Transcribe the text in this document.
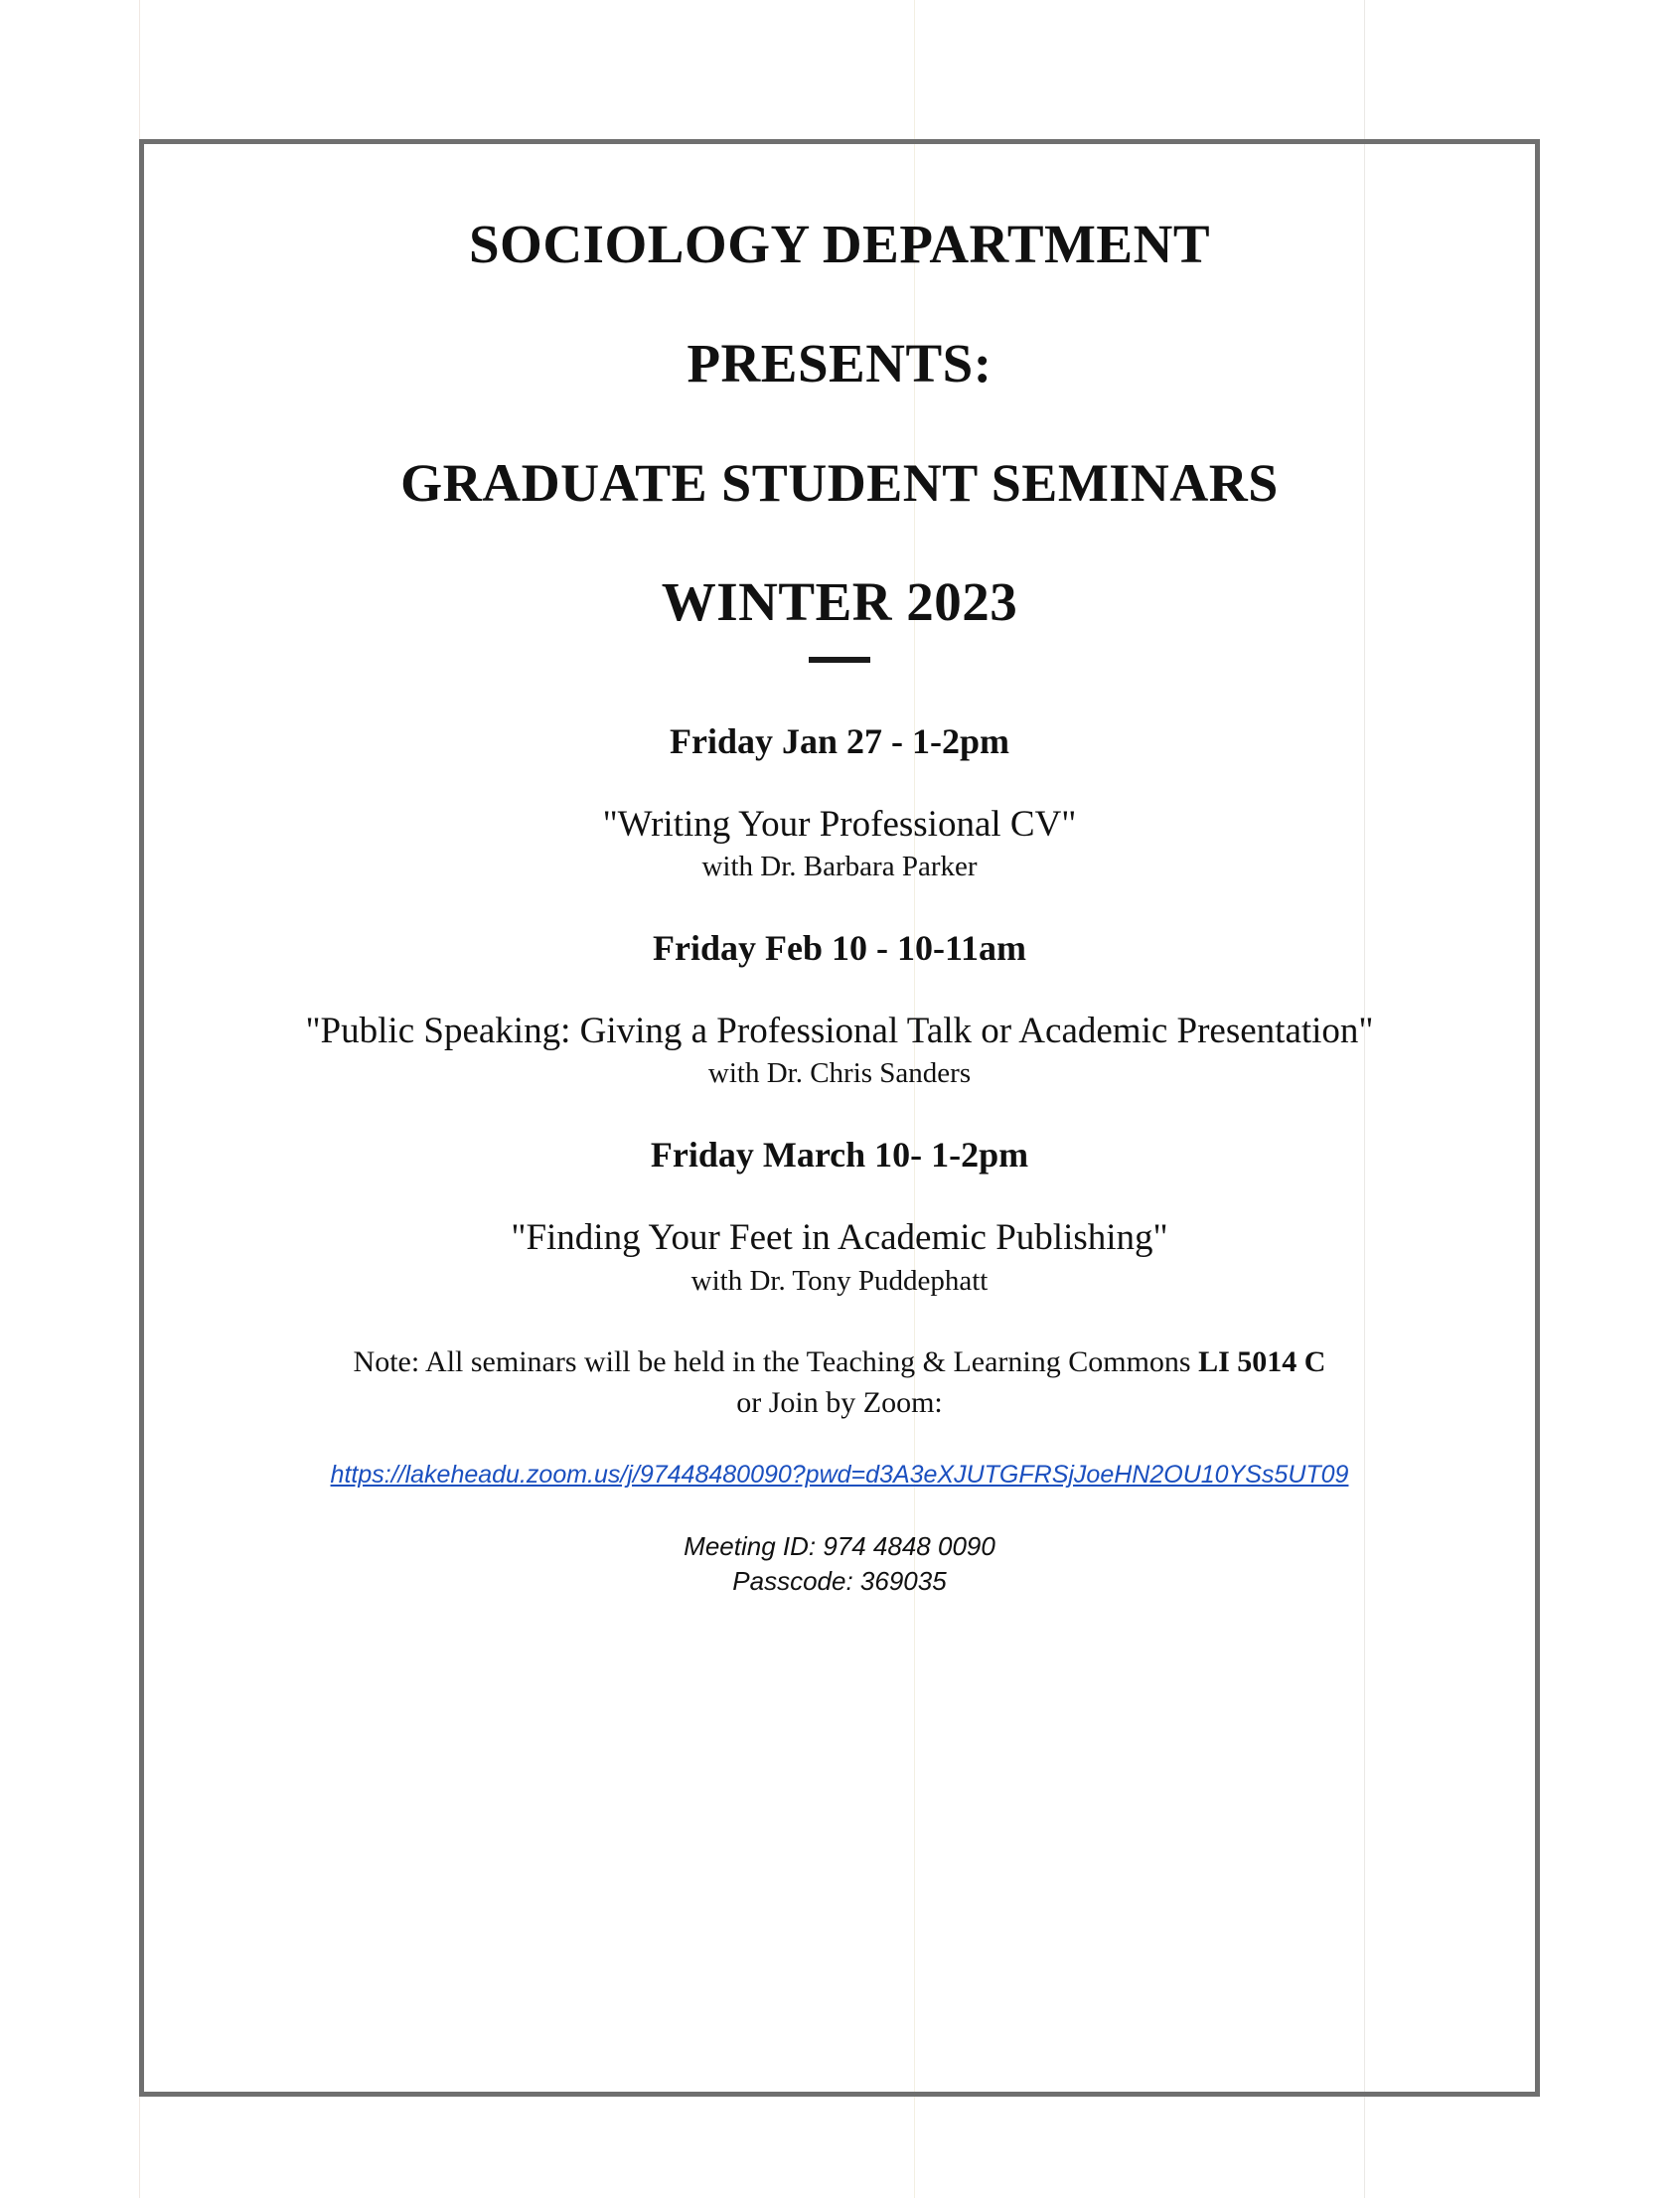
SOCIOLOGY DEPARTMENT
PRESENTS:
GRADUATE STUDENT SEMINARS
WINTER 2023
Friday Jan 27 - 1-2pm
"Writing Your Professional CV"
with Dr. Barbara Parker
Friday Feb 10 - 10-11am
"Public Speaking: Giving a Professional Talk or Academic Presentation"
with Dr. Chris Sanders
Friday March 10- 1-2pm
"Finding Your Feet in Academic Publishing"
with Dr. Tony Puddephatt

Note: All seminars will be held in the Teaching & Learning Commons LI 5014 C
or Join by Zoom:

https://lakeheadu.zoom.us/j/97448480090?pwd=d3A3eXJUTGFRSjJoeHN2OU10YSs5UT09
Meeting ID: 974 4848 0090
Passcode: 369035
